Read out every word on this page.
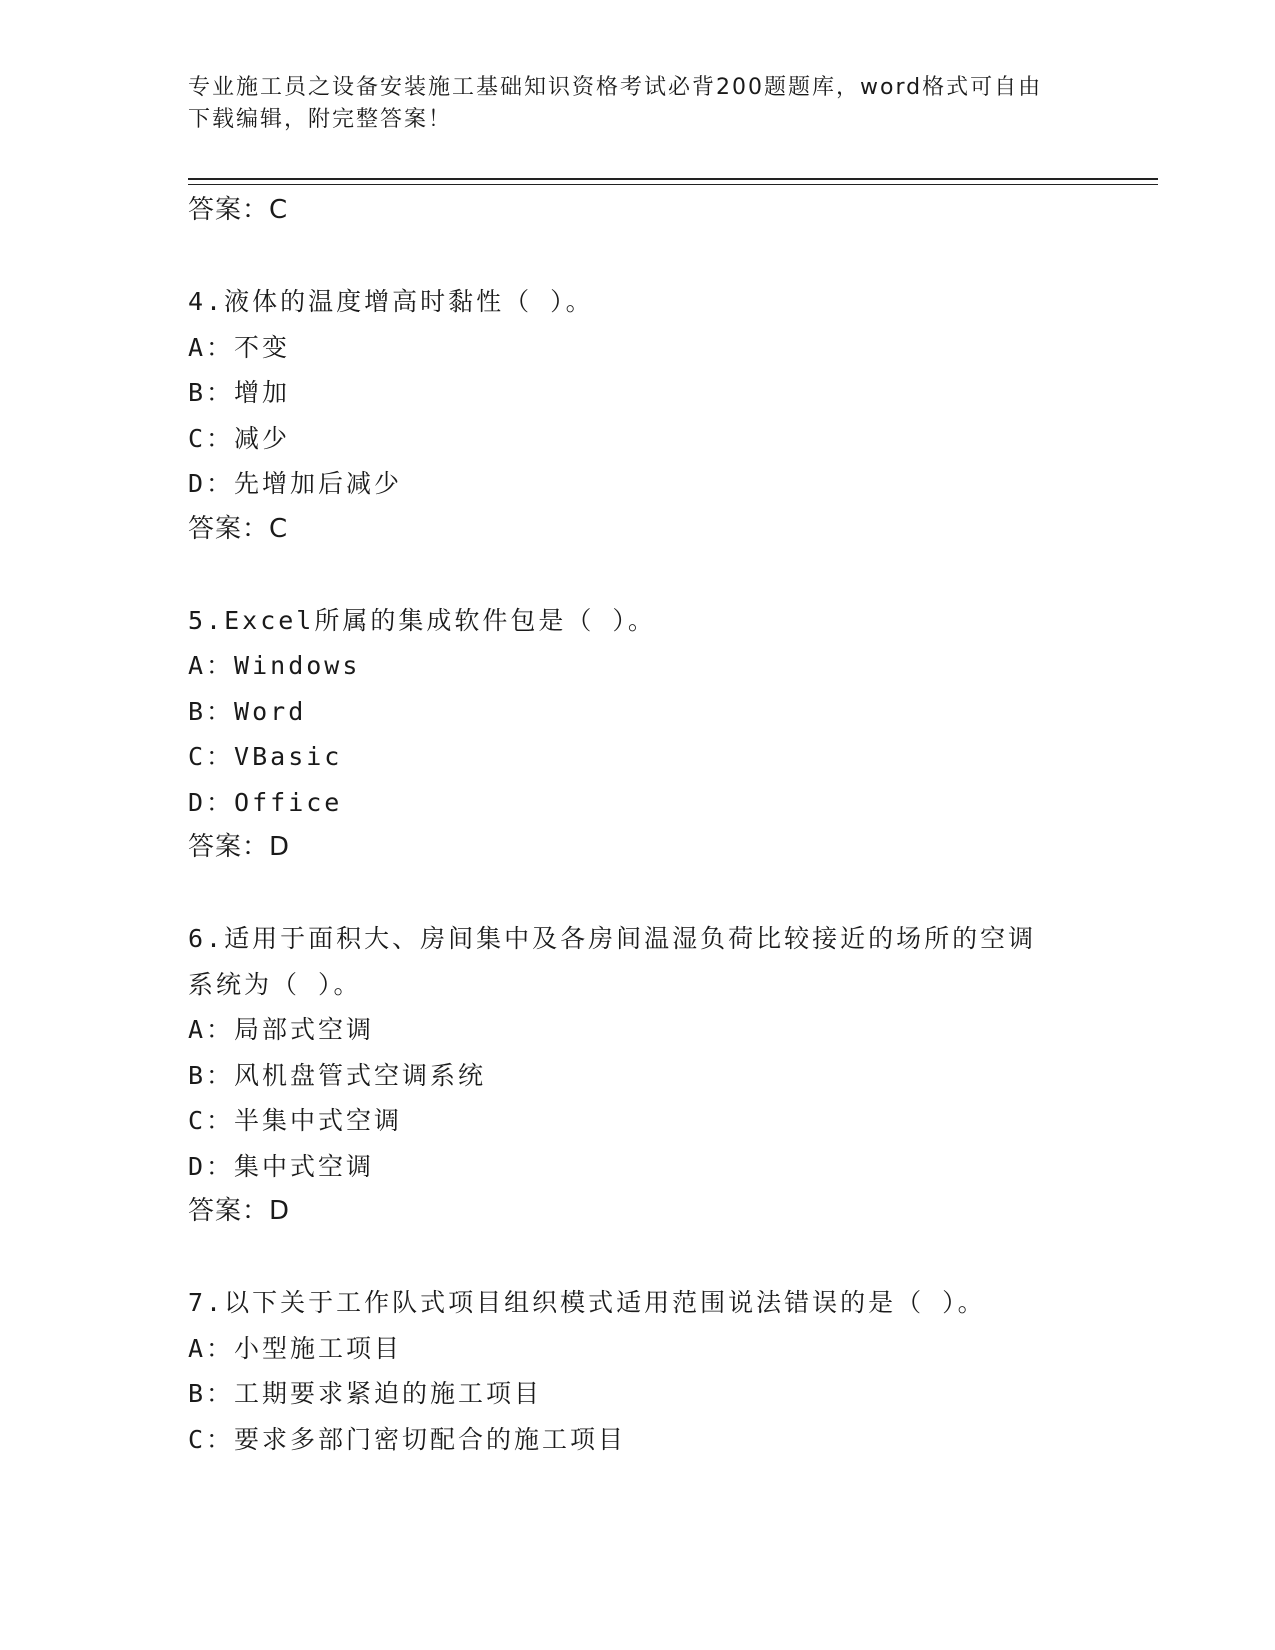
专业施工员之设备安装施工基础知识资格考试必背200题题库，word格式可自由
下载编辑，附完整答案！
答案：C
4.液体的温度增高时黏性（ ）。
A：不变
B：增加
C：减少
D：先增加后减少
答案：C
5.Excel所属的集成软件包是（ ）。
A：Windows
B：Word
C：VBasic
D：Office
答案：D
6.适用于面积大、房间集中及各房间温湿负荷比较接近的场所的空调
系统为（ ）。
A：局部式空调
B：风机盘管式空调系统
C：半集中式空调
D：集中式空调
答案：D
7.以下关于工作队式项目组织模式适用范围说法错误的是（ ）。
A：小型施工项目
B：工期要求紧迫的施工项目
C：要求多部门密切配合的施工项目
